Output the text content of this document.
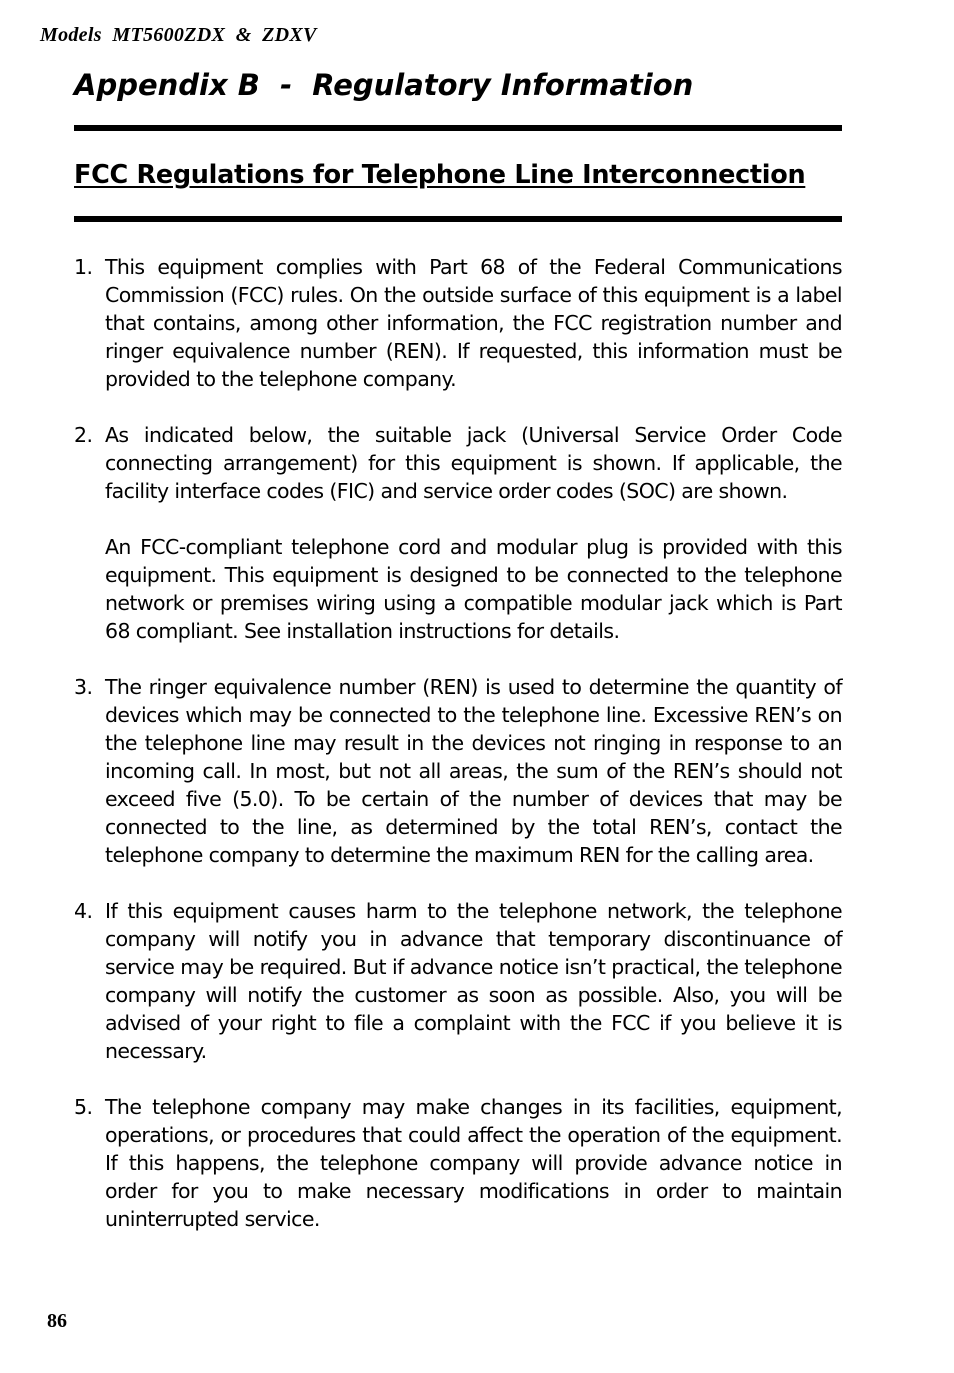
Models  MT5600ZDX  &  ZDXV
Appendix B  -  Regulatory Information
FCC Regulations for Telephone Line Interconnection
1. This equipment complies with Part 68 of the Federal Communications Commission (FCC) rules. On the outside surface of this equipment is a label that contains, among other information, the FCC registration number and ringer equivalence number (REN). If requested, this information must be provided to the telephone company.
2. As indicated below, the suitable jack (Universal Service Order Code connecting arrangement) for this equipment is shown. If applicable, the facility interface codes (FIC) and service order codes (SOC) are shown.
An FCC-compliant telephone cord and modular plug is provided with this equipment. This equipment is designed to be connected to the telephone network or premises wiring using a compatible modular jack which is Part 68 compliant. See installation instructions for details.
3. The ringer equivalence number (REN) is used to determine the quantity of devices which may be connected to the telephone line. Excessive REN’s on the telephone line may result in the devices not ringing in response to an incoming call. In most, but not all areas, the sum of the REN’s should not exceed five (5.0). To be certain of the number of devices that may be connected to the line, as determined by the total REN’s, contact the telephone company to determine the maximum REN for the calling area.
4. If this equipment causes harm to the telephone network, the telephone company will notify you in advance that temporary discontinuance of service may be required. But if advance notice isn’t practical, the telephone company will notify the customer as soon as possible. Also, you will be advised of your right to file a complaint with the FCC if you believe it is necessary.
5. The telephone company may make changes in its facilities, equipment, operations, or procedures that could affect the operation of the equipment. If this happens, the telephone company will provide advance notice in order for you to make necessary modifications in order to maintain uninterrupted service.
86
